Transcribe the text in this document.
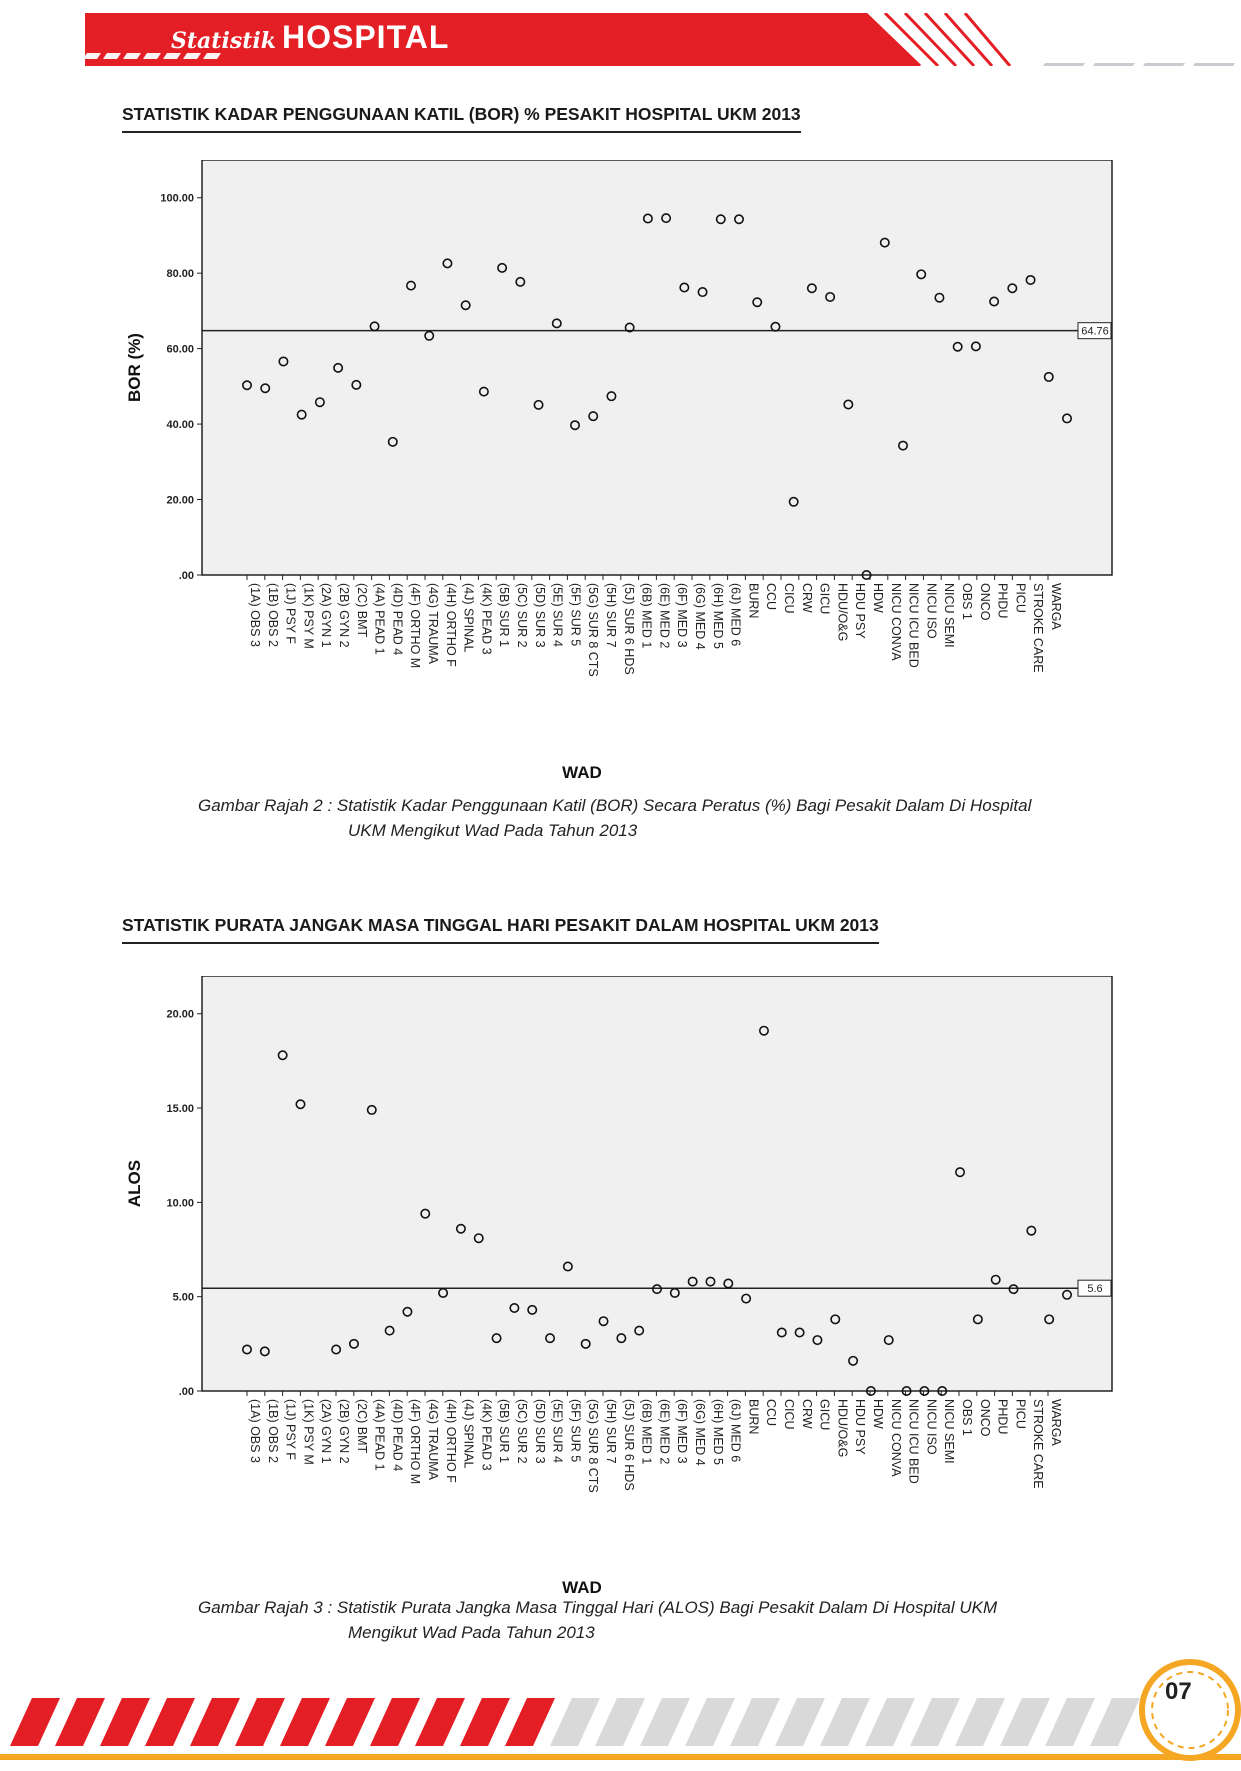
Statistik HOSPITAL
STATISTIK KADAR PENGGUNAAN KATIL (BOR) % PESAKIT HOSPITAL UKM 2013
.00
20.00
40.00
60.00
80.00
100.00
64.76
(1A) OBS 3 (1B) OBS 2 (1J) PSY F (1K) PSY M (2A) GYN 1 (2B) GYN 2 (2C) BMT (4A) PEAD 1 (4D) PEAD 4 (4F) ORTHO M (4G) TRAUMA (4H) ORTHO F (4J) SPINAL (4K) PEAD 3 (5B) SUR 1 (5C) SUR 2 (5D) SUR 3 (5E) SUR 4 (5F) SUR 5 (5G) SUR 8 CTS (5H) SUR 7 (5J) SUR 6 HDS (6B) MED 1 (6E) MED 2 (6F) MED 3 (6G) MED 4 (6H) MED 5 (6J) MED 6 BURN CCU CICU CRW GICU HDU/O&G HDU PSY HDW NICU CONVA NICU ICU BED NICU ISO NICU SEMI OBS 1 ONCO PHDU PICU STROKE CARE WARGA
BOR (%)
WAD
Gambar Rajah 2 : Statistik Kadar Penggunaan Katil (BOR) Secara Peratus (%) Bagi Pesakit Dalam Di Hospital
UKM Mengikut Wad Pada Tahun 2013
STATISTIK PURATA JANGAK MASA TINGGAL HARI PESAKIT DALAM HOSPITAL UKM 2013
.00
5.00
10.00
15.00
20.00
5.6
(1A) OBS 3 (1B) OBS 2 (1J) PSY F (1K) PSY M (2A) GYN 1 (2B) GYN 2 (2C) BMT (4A) PEAD 1 (4D) PEAD 4 (4F) ORTHO M (4G) TRAUMA (4H) ORTHO F (4J) SPINAL (4K) PEAD 3 (5B) SUR 1 (5C) SUR 2 (5D) SUR 3 (5E) SUR 4 (5F) SUR 5 (5G) SUR 8 CTS (5H) SUR 7 (5J) SUR 6 HDS (6B) MED 1 (6E) MED 2 (6F) MED 3 (6G) MED 4 (6H) MED 5 (6J) MED 6 BURN CCU CICU CRW GICU HDU/O&G HDU PSY HDW NICU CONVA NICU ICU BED NICU ISO NICU SEMI OBS 1 ONCO PHDU PICU STROKE CARE WARGA
ALOS
WAD
Gambar Rajah 3 : Statistik Purata Jangka Masa Tinggal Hari (ALOS) Bagi Pesakit Dalam Di Hospital UKM
Mengikut Wad Pada Tahun 2013
07
